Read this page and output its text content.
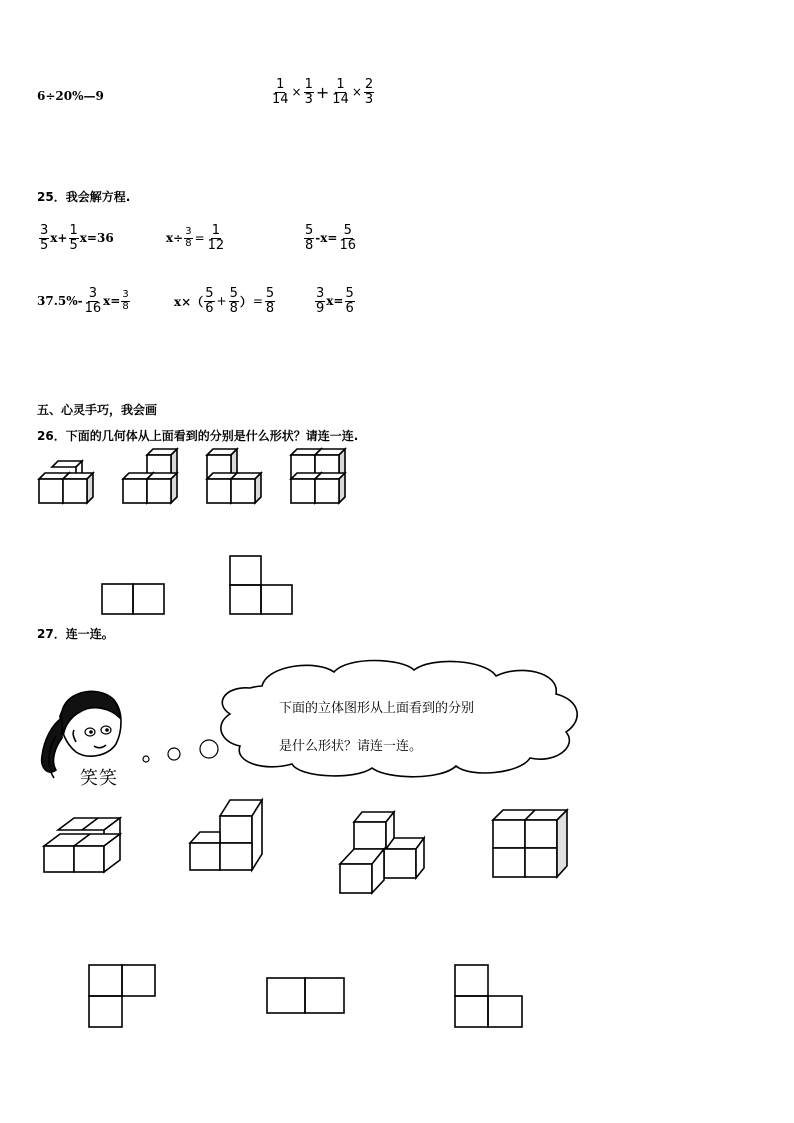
6÷20%—9	$\frac{1}{14} \times \frac{1}{3} + \frac{1}{14} \times \frac{2}{3}$
25．我会解方程.
$\frac{3}{5} x+ \frac{1}{5} x=36$	$x\div \frac{3}{8} = \frac{1}{12}$	$\frac{5}{8} -x= \frac{5}{16}$
$37.5\%- \frac{3}{16} x= \frac{3}{8}$	$x\times( \frac{5}{6} + \frac{5}{8}$ ） = $\frac{5}{8}$	$\frac{3}{9} x= \frac{5}{6}$
五、心灵手巧，我会画
26．下面的几何体从上面看到的分别是什么形状？请连一连.
27．连一连。
笑笑
下面的立体图形从上面看到的分别
是什么形状？请连一连。
